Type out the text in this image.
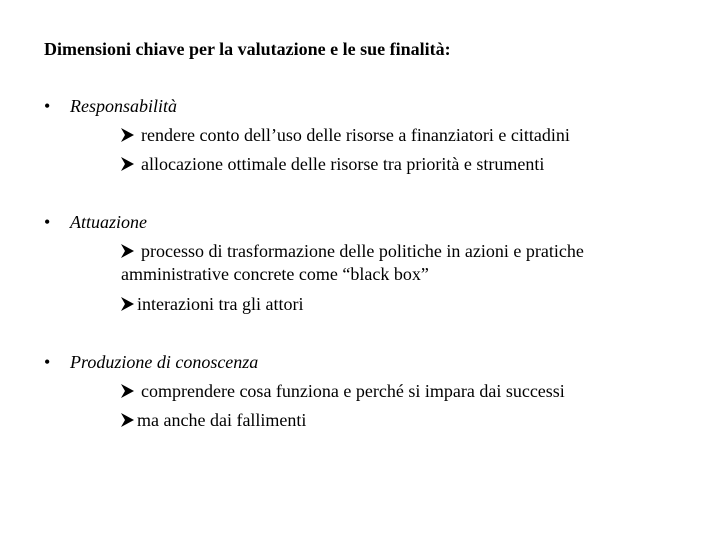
Dimensioni chiave per la valutazione e le sue finalità:
• Responsabilità
rendere conto dell’uso delle risorse a finanziatori e cittadini
allocazione ottimale delle risorse tra priorità e strumenti
• Attuazione
processo di trasformazione delle politiche in azioni e pratiche amministrative concrete come “black box”
interazioni tra gli attori
• Produzione di conoscenza
comprendere cosa funziona e perché si impara dai successi
ma anche dai fallimenti
